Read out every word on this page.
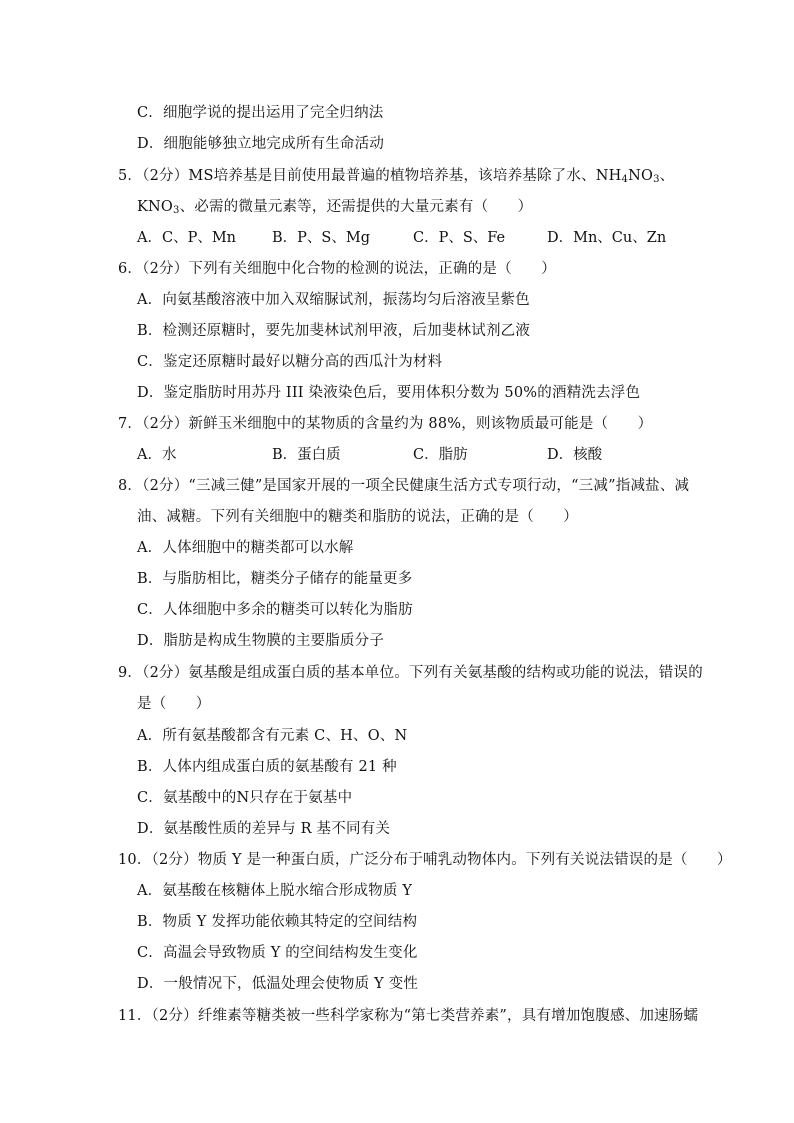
C．细胞学说的提出运用了完全归纳法
D．细胞能够独立地完成所有生命活动
5．（2分）MS培养基是目前使用最普遍的植物培养基，该培养基除了水、$NH_4NO_3$、
$KNO_3$、必需的微量元素等，还需提供的大量元素有（　　）
A．C、P、Mn B．P、S、Mg	C．P、S、Fe	D．Mn、Cu、Zn
6．（2分）下列有关细胞中化合物的检测的说法，正确的是（　　）
A．向氨基酸溶液中加入双缩脲试剂，振荡均匀后溶液呈紫色
B．检测还原糖时，要先加斐林试剂甲液，后加斐林试剂乙液
C．鉴定还原糖时最好以糖分高的西瓜汁为材料
D．鉴定脂肪时用苏丹 III 染液染色后，要用体积分数为 50%的酒精洗去浮色
7．（2分）新鲜玉米细胞中的某物质的含量约为 88%，则该物质最可能是（　　）
A．水	B．蛋白质	C．脂肪	D．核酸
8．（2分）“三减三健”是国家开展的一项全民健康生活方式专项行动，“三减”指减盐、减
油、减糖。下列有关细胞中的糖类和脂肪的说法，正确的是（　　）
A．人体细胞中的糖类都可以水解
B．与脂肪相比，糖类分子储存的能量更多
C．人体细胞中多余的糖类可以转化为脂肪
D．脂肪是构成生物膜的主要脂质分子
9．（2分）氨基酸是组成蛋白质的基本单位。下列有关氨基酸的结构或功能的说法，错误的
是（　　）
A．所有氨基酸都含有元素 C、H、O、N
B．人体内组成蛋白质的氨基酸有 21 种
C．氨基酸中的N只存在于氨基中
D．氨基酸性质的差异与 R 基不同有关
10．（2分）物质 Y 是一种蛋白质，广泛分布于哺乳动物体内。下列有关说法错误的是（　　）
A．氨基酸在核糖体上脱水缩合形成物质 Y
B．物质 Y 发挥功能依赖其特定的空间结构
C．高温会导致物质 Y 的空间结构发生变化
D．一般情况下，低温处理会使物质 Y 变性
11．（2分）纤维素等糖类被一些科学家称为“第七类营养素”，具有增加饱腹感、加速肠蠕
